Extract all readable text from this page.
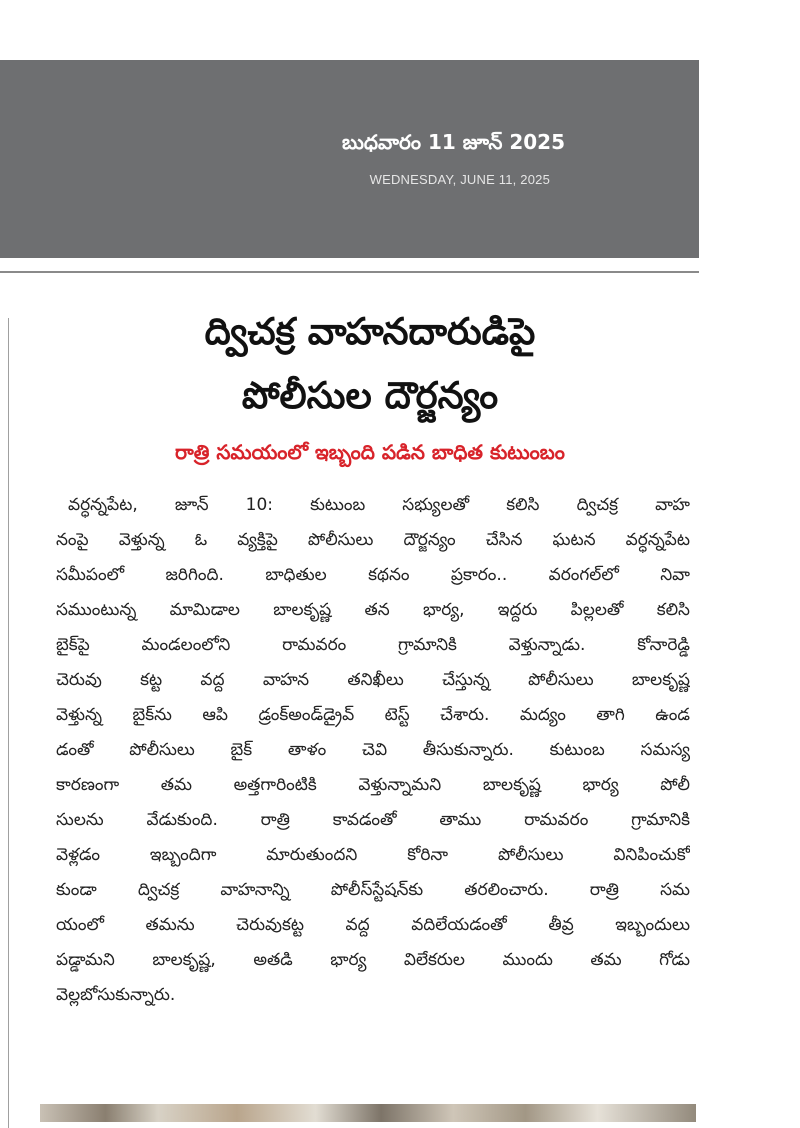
బుధవారం 11 జూన్ 2025
WEDNESDAY, JUNE 11, 2025
ద్విచక్ర వాహనదారుడిపై
పోలీసుల దౌర్జన్యం
రాత్రి సమయంలో ఇబ్బంది పడిన బాధిత కుటుంబం
వర్ధన్నపేట, జూన్ 10: కుటుంబ సభ్యులతో కలిసి ద్విచక్ర వాహ
నంపై వెళ్తున్న ఓ వ్యక్తిపై పోలీసులు దౌర్జన్యం చేసిన ఘటన వర్ధన్నపేట
సమీపంలో జరిగింది. బాధితుల కథనం ప్రకారం.. వరంగల్‌లో నివా
సముంటున్న మామిడాల బాలకృష్ణ తన భార్య, ఇద్దరు పిల్లలతో కలిసి
బైక్‌పై మండలంలోని రామవరం గ్రామానికి వెళ్తున్నాడు. కోనారెడ్డి
చెరువు కట్ట వద్ద వాహన తనిఖీలు చేస్తున్న పోలీసులు బాలకృష్ణ
వెళ్తున్న బైక్‌ను ఆపి డ్రంక్‌అండ్‌డ్రైవ్ టెస్ట్ చేశారు. మద్యం తాగి ఉండ
డంతో పోలీసులు బైక్ తాళం చెవి తీసుకున్నారు. కుటుంబ సమస్య
కారణంగా తమ అత్తగారింటికి వెళ్తున్నామని బాలకృష్ణ భార్య పోలీ
సులను వేడుకుంది. రాత్రి కావడంతో తాము రామవరం గ్రామానికి
వెళ్లడం ఇబ్బందిగా మారుతుందని కోరినా పోలీసులు వినిపించుకో
కుండా ద్విచక్ర వాహనాన్ని పోలీస్‌స్టేషన్‌కు తరలించారు. రాత్రి సమ
యంలో తమను చెరువుకట్ట వద్ద వదిలేయడంతో తీవ్ర ఇబ్బందులు
పడ్డామని బాలకృష్ణ, అతడి భార్య విలేకరుల ముందు తమ గోడు
వెల్లబోసుకున్నారు.
